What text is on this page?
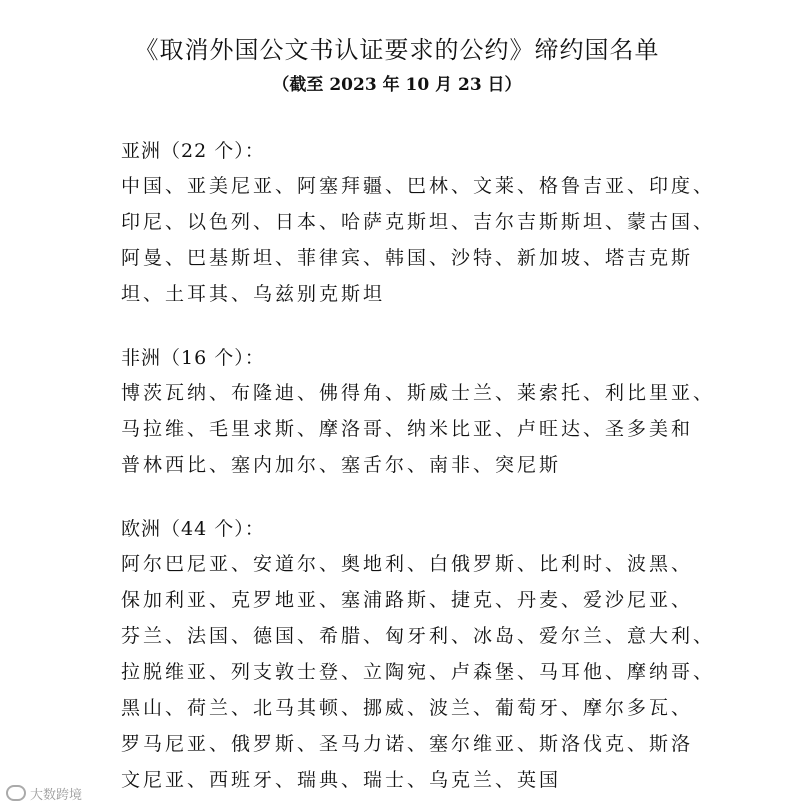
《取消外国公文书认证要求的公约》缔约国名单
（截至 2023 年 10 月 23 日）
亚洲（22 个）：
中国、亚美尼亚、阿塞拜疆、巴林、文莱、格鲁吉亚、印度、
印尼、以色列、日本、哈萨克斯坦、吉尔吉斯斯坦、蒙古国、
阿曼、巴基斯坦、菲律宾、韩国、沙特、新加坡、塔吉克斯
坦、土耳其、乌兹别克斯坦
非洲（16 个）：
博茨瓦纳、布隆迪、佛得角、斯威士兰、莱索托、利比里亚、
马拉维、毛里求斯、摩洛哥、纳米比亚、卢旺达、圣多美和
普林西比、塞内加尔、塞舌尔、南非、突尼斯
欧洲（44 个）：
阿尔巴尼亚、安道尔、奥地利、白俄罗斯、比利时、波黑、
保加利亚、克罗地亚、塞浦路斯、捷克、丹麦、爱沙尼亚、
芬兰、法国、德国、希腊、匈牙利、冰岛、爱尔兰、意大利、
拉脱维亚、列支敦士登、立陶宛、卢森堡、马耳他、摩纳哥、
黑山、荷兰、北马其顿、挪威、波兰、葡萄牙、摩尔多瓦、
罗马尼亚、俄罗斯、圣马力诺、塞尔维亚、斯洛伐克、斯洛
文尼亚、西班牙、瑞典、瑞士、乌克兰、英国
大数跨境
